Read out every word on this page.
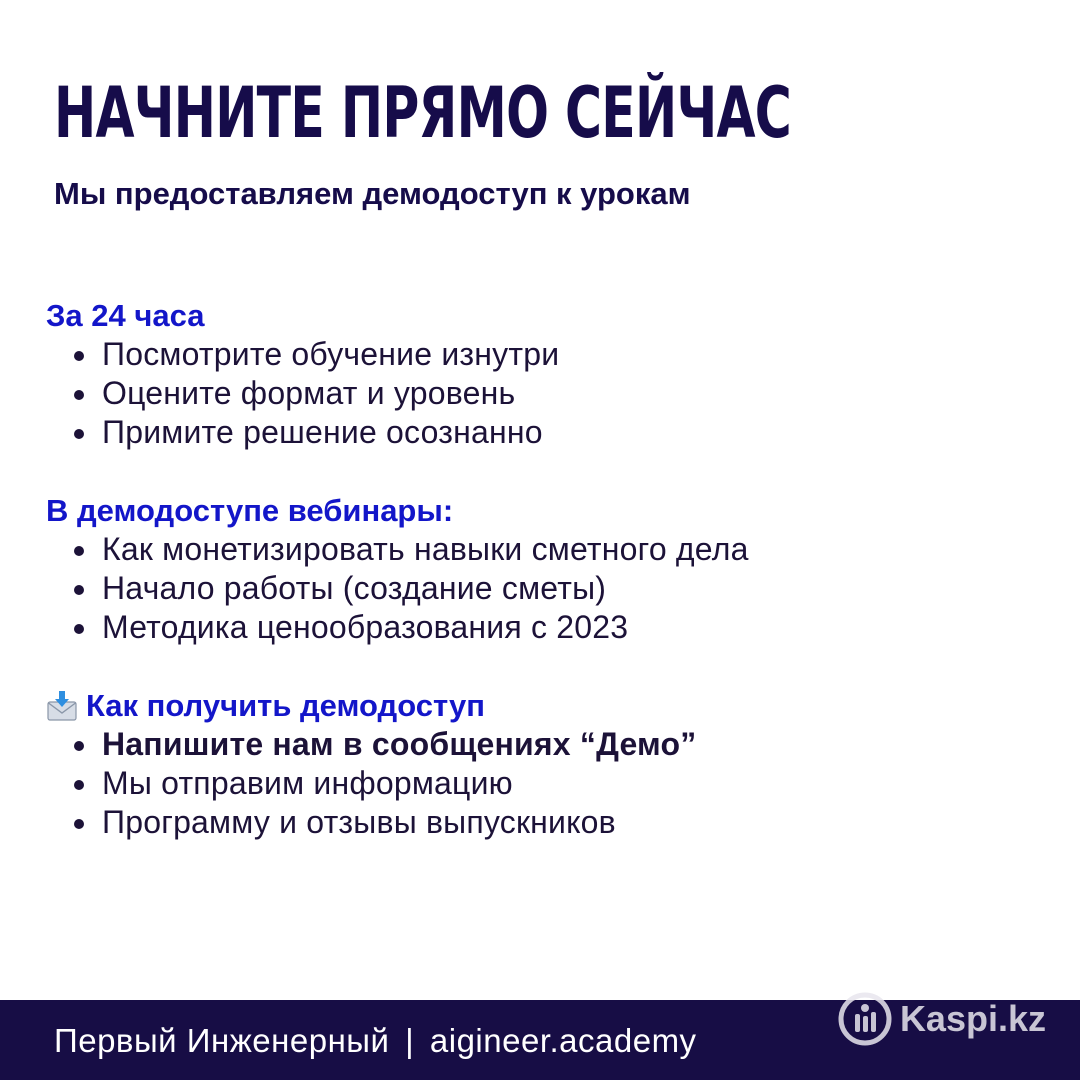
НАЧНИТЕ ПРЯМО СЕЙЧАС
Мы предоставляем демодоступ к урокам
За 24 часа
Посмотрите обучение изнутри
Оцените формат и уровень
Примите решение осознанно
В демодоступе вебинары:
Как монетизировать навыки сметного дела
Начало работы (создание сметы)
Методика ценообразования с 2023
Как получить демодоступ
Напишите нам в сообщениях “Демо”
Мы отправим информацию
Программу и отзывы выпускников
Первый Инженерный | aigineer.academy
Kaspi.kz
